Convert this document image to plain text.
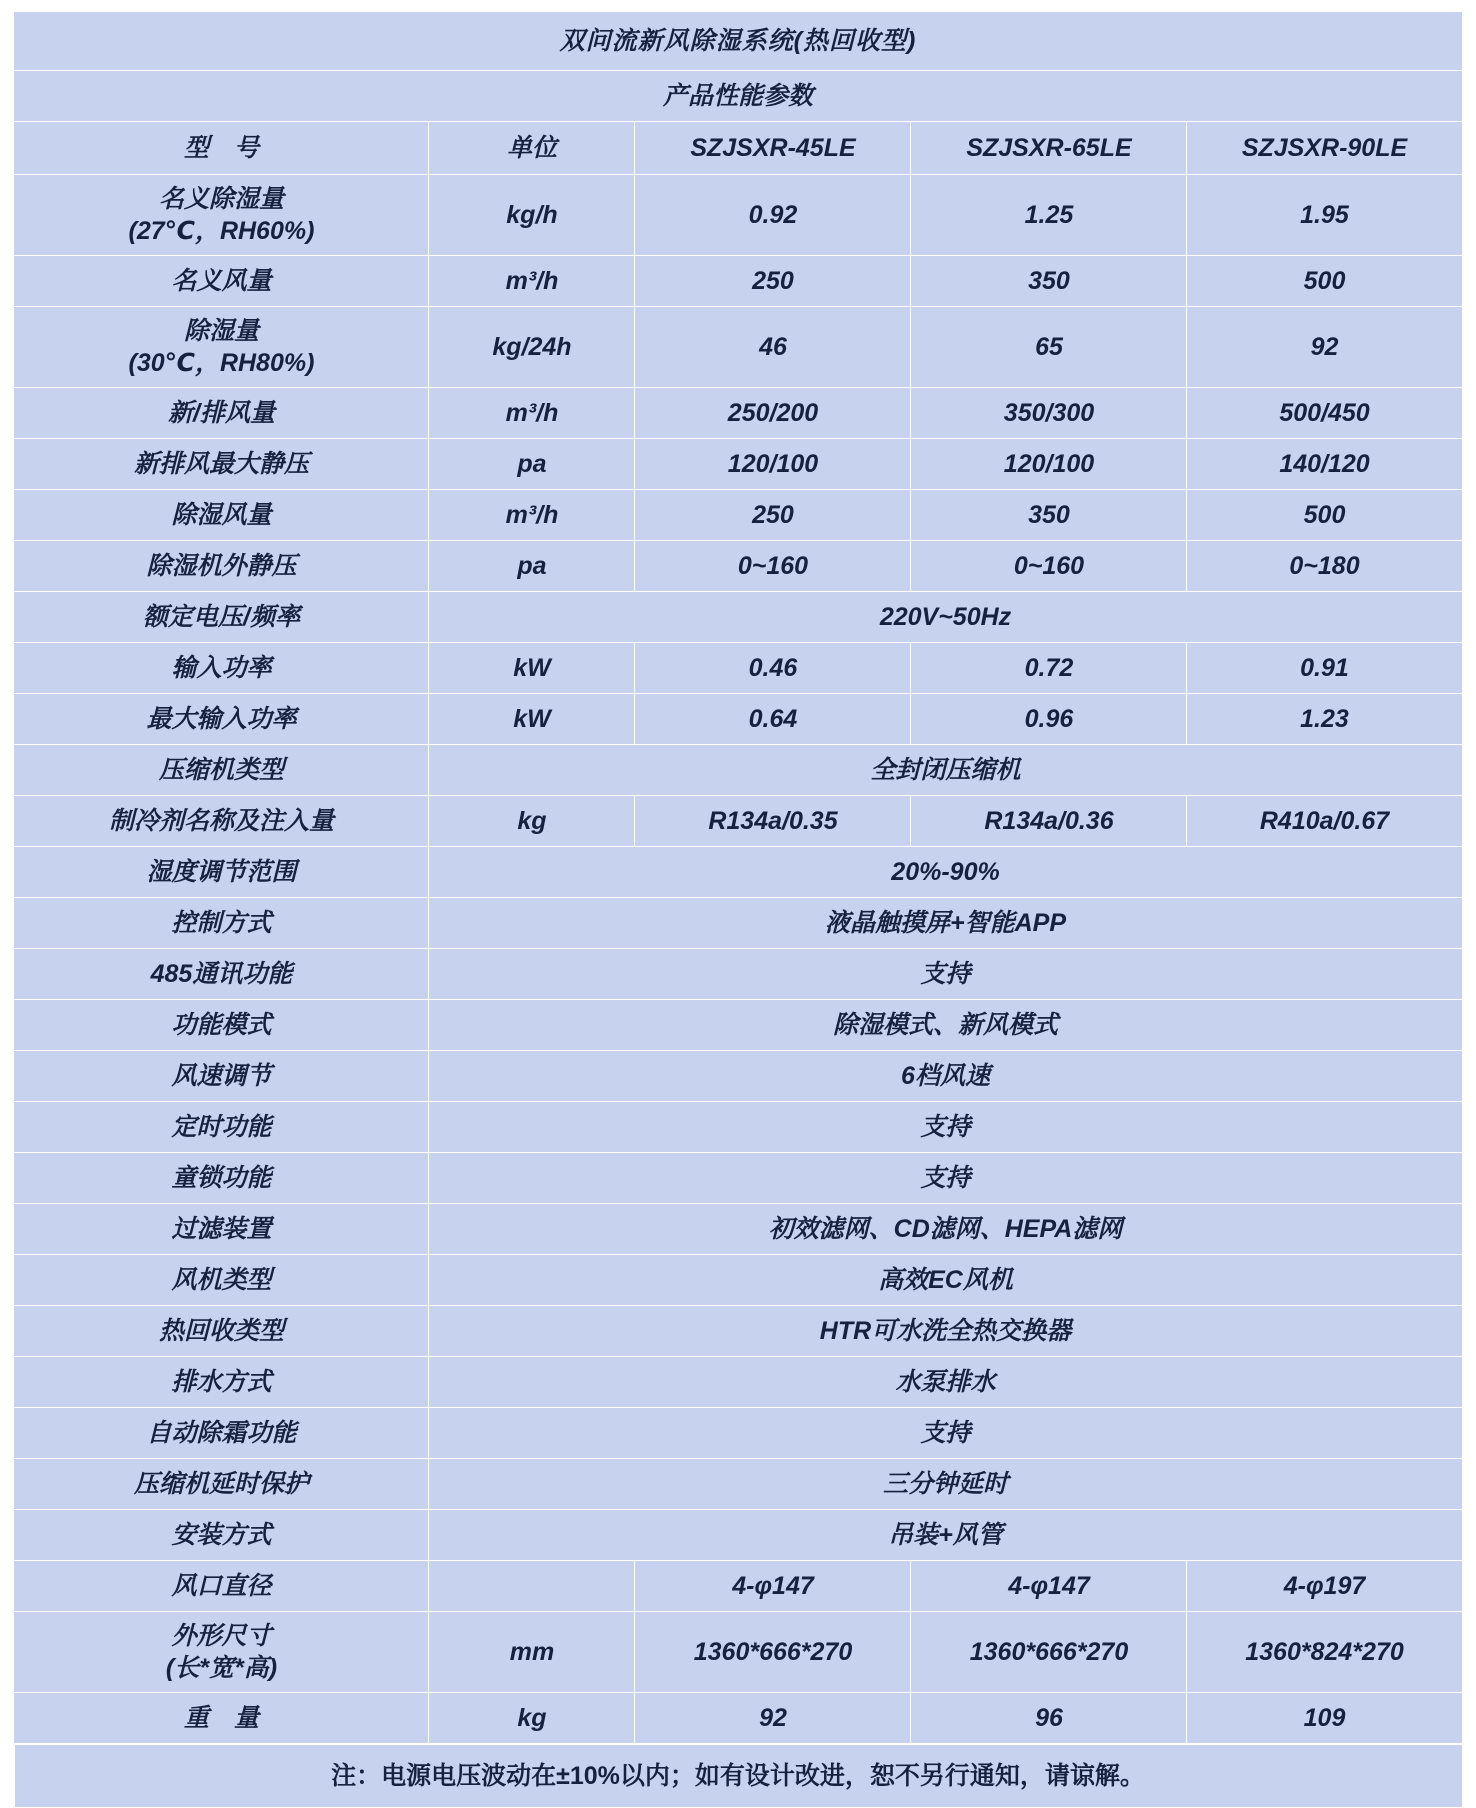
双问流新风除湿系统(热回收型)				
产品性能参数				
型　号	单位	SZJSXR-45LE	SZJSXR-65LE	SZJSXR-90LE

名义除湿量
(27℃，RH60%)	kg/h	0.92	1.25	1.95
名义风量	m³/h	250	350	500

除湿量
(30℃，RH80%)	kg/24h	46	65	92
新/排风量	m³/h	250/200	350/300	500/450
新排风最大静压	pa	120/100	120/100	140/120
除湿风量	m³/h	250	350	500
除湿机外静压	pa	0~160	0~160	0~180
额定电压/频率	220V~50Hz			
输入功率	kW	0.46	0.72	0.91
最大输入功率	kW	0.64	0.96	1.23
压缩机类型	全封闭压缩机			
制冷剂名称及注入量	kg	R134a/0.35	R134a/0.36	R410a/0.67
湿度调节范围	20%-90%			
控制方式	液晶触摸屏+智能APP			
485通讯功能	支持			
功能模式	除湿模式、新风模式			
风速调节	6档风速			
定时功能	支持			
童锁功能	支持			
过滤装置	初效滤网、CD滤网、HEPA滤网			
风机类型	高效EC风机			
热回收类型	HTR可水洗全热交换器			
排水方式	水泵排水			
自动除霜功能	支持			
压缩机延时保护	三分钟延时			
安装方式	吊装+风管			
风口直径		4-φ147	4-φ147	4-φ197

外形尺寸
(长*宽*高)	mm	1360*666*270	1360*666*270	1360*824*270
重　量	kg	92	96	109
注：电源电压波动在±10%以内；如有设计改进，恕不另行通知，请谅解。
